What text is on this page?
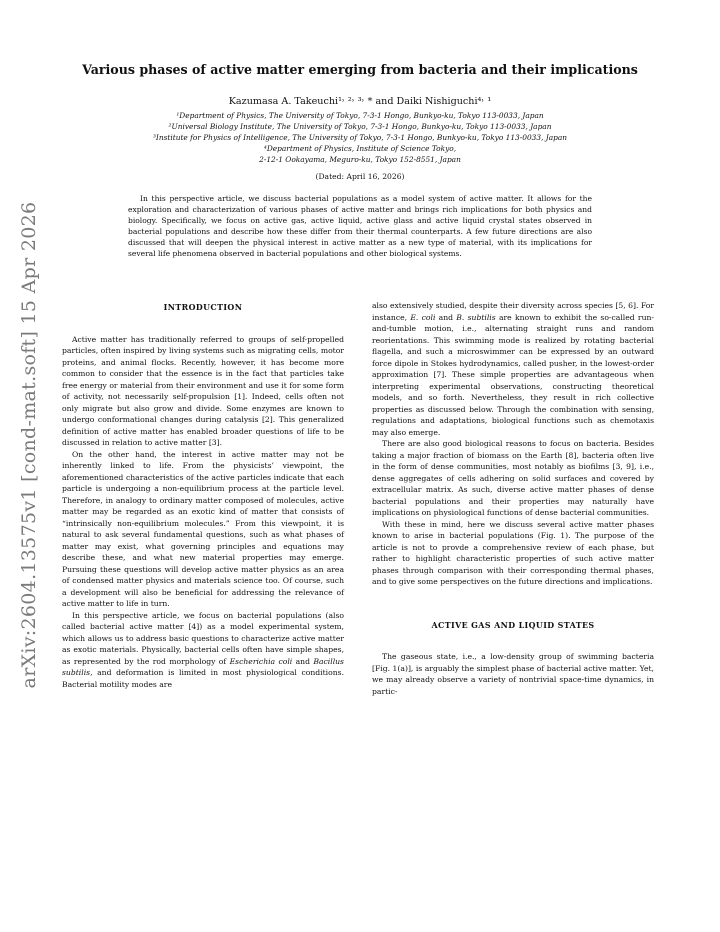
arXiv:2604.13575v1 [cond-mat.soft] 15 Apr 2026
Various phases of active matter emerging from bacteria and their implications
Kazumasa A. Takeuchi¹˒ ²˒ ³˒ * and Daiki Nishiguchi⁴˒ ¹
¹Department of Physics, The University of Tokyo, 7-3-1 Hongo, Bunkyo-ku, Tokyo 113-0033, Japan
²Universal Biology Institute, The University of Tokyo, 7-3-1 Hongo, Bunkyo-ku, Tokyo 113-0033, Japan
³Institute for Physics of Intelligence, The University of Tokyo, 7-3-1 Hongo, Bunkyo-ku, Tokyo 113-0033, Japan
⁴Department of Physics, Institute of Science Tokyo,
2-12-1 Ookayama, Meguro-ku, Tokyo 152-8551, Japan
(Dated: April 16, 2026)
In this perspective article, we discuss bacterial populations as a model system of active matter. It allows for the exploration and characterization of various phases of active matter and brings rich implications for both physics and biology. Specifically, we focus on active gas, active liquid, active glass and active liquid crystal states observed in bacterial populations and describe how these differ from their thermal counterparts. A few future directions are also discussed that will deepen the physical interest in active matter as a new type of material, with its implications for several life phenomena observed in bacterial populations and other biological systems.
INTRODUCTION

Active matter has traditionally referred to groups of self-propelled particles, often inspired by living systems such as migrating cells, motor proteins, and animal flocks. Recently, however, it has become more common to consider that the essence is in the fact that particles take free energy or material from their environment and use it for some form of activity, not necessarily self-propulsion [1]. Indeed, cells often not only migrate but also grow and divide. Some enzymes are known to undergo conformational changes during catalysis [2]. This generalized definition of active matter has enabled broader questions of life to be discussed in relation to active matter [3].

On the other hand, the interest in active matter may not be inherently linked to life. From the physicists’ viewpoint, the aforementioned characteristics of the active particles indicate that each particle is undergoing a non-equilibrium process at the particle level. Therefore, in analogy to ordinary matter composed of molecules, active matter may be regarded as an exotic kind of matter that consists of “intrinsically non-equilibrium molecules.” From this viewpoint, it is natural to ask several fundamental questions, such as what phases of matter may exist, what governing principles and equations may describe these, and what new material properties may emerge. Pursuing these questions will develop active matter physics as an area of condensed matter physics and materials science too. Of course, such a development will also be beneficial for addressing the relevance of active matter to life in turn.

In this perspective article, we focus on bacterial populations (also called bacterial active matter [4]) as a model experimental system, which allows us to address basic questions to characterize active matter as exotic materials. Physically, bacterial cells often have simple shapes, as represented by the rod morphology of Escherichia coli and Bacillus subtilis, and deformation is limited in most physiological conditions. Bacterial motility modes are

also extensively studied, despite their diversity across species [5, 6]. For instance, E. coli and B. subtilis are known to exhibit the so-called run-and-tumble motion, i.e., alternating straight runs and random reorientations. This swimming mode is realized by rotating bacterial flagella, and such a microswimmer can be expressed by an outward force dipole in Stokes hydrodynamics, called pusher, in the lowest-order approximation [7]. These simple properties are advantageous when interpreting experimental observations, constructing theoretical models, and so forth. Nevertheless, they result in rich collective properties as discussed below. Through the combination with sensing, regulations and adaptations, biological functions such as chemotaxis may also emerge.

There are also good biological reasons to focus on bacteria. Besides taking a major fraction of biomass on the Earth [8], bacteria often live in the form of dense communities, most notably as biofilms [3, 9], i.e., dense aggregates of cells adhering on solid surfaces and covered by extracellular matrix. As such, diverse active matter phases of dense bacterial populations and their properties may naturally have implications on physiological functions of dense bacterial communities.

With these in mind, here we discuss several active matter phases known to arise in bacterial populations (Fig. 1). The purpose of the article is not to provde a comprehensive review of each phase, but rather to highlight characteristic properties of such active matter phases through comparison with their corresponding thermal phases, and to give some perspectives on the future directions and implications.

ACTIVE GAS AND LIQUID STATES

The gaseous state, i.e., a low-density group of swimming bacteria [Fig. 1(a)], is arguably the simplest phase of bacterial active matter. Yet, we may already observe a variety of nontrivial space-time dynamics, in partic-
